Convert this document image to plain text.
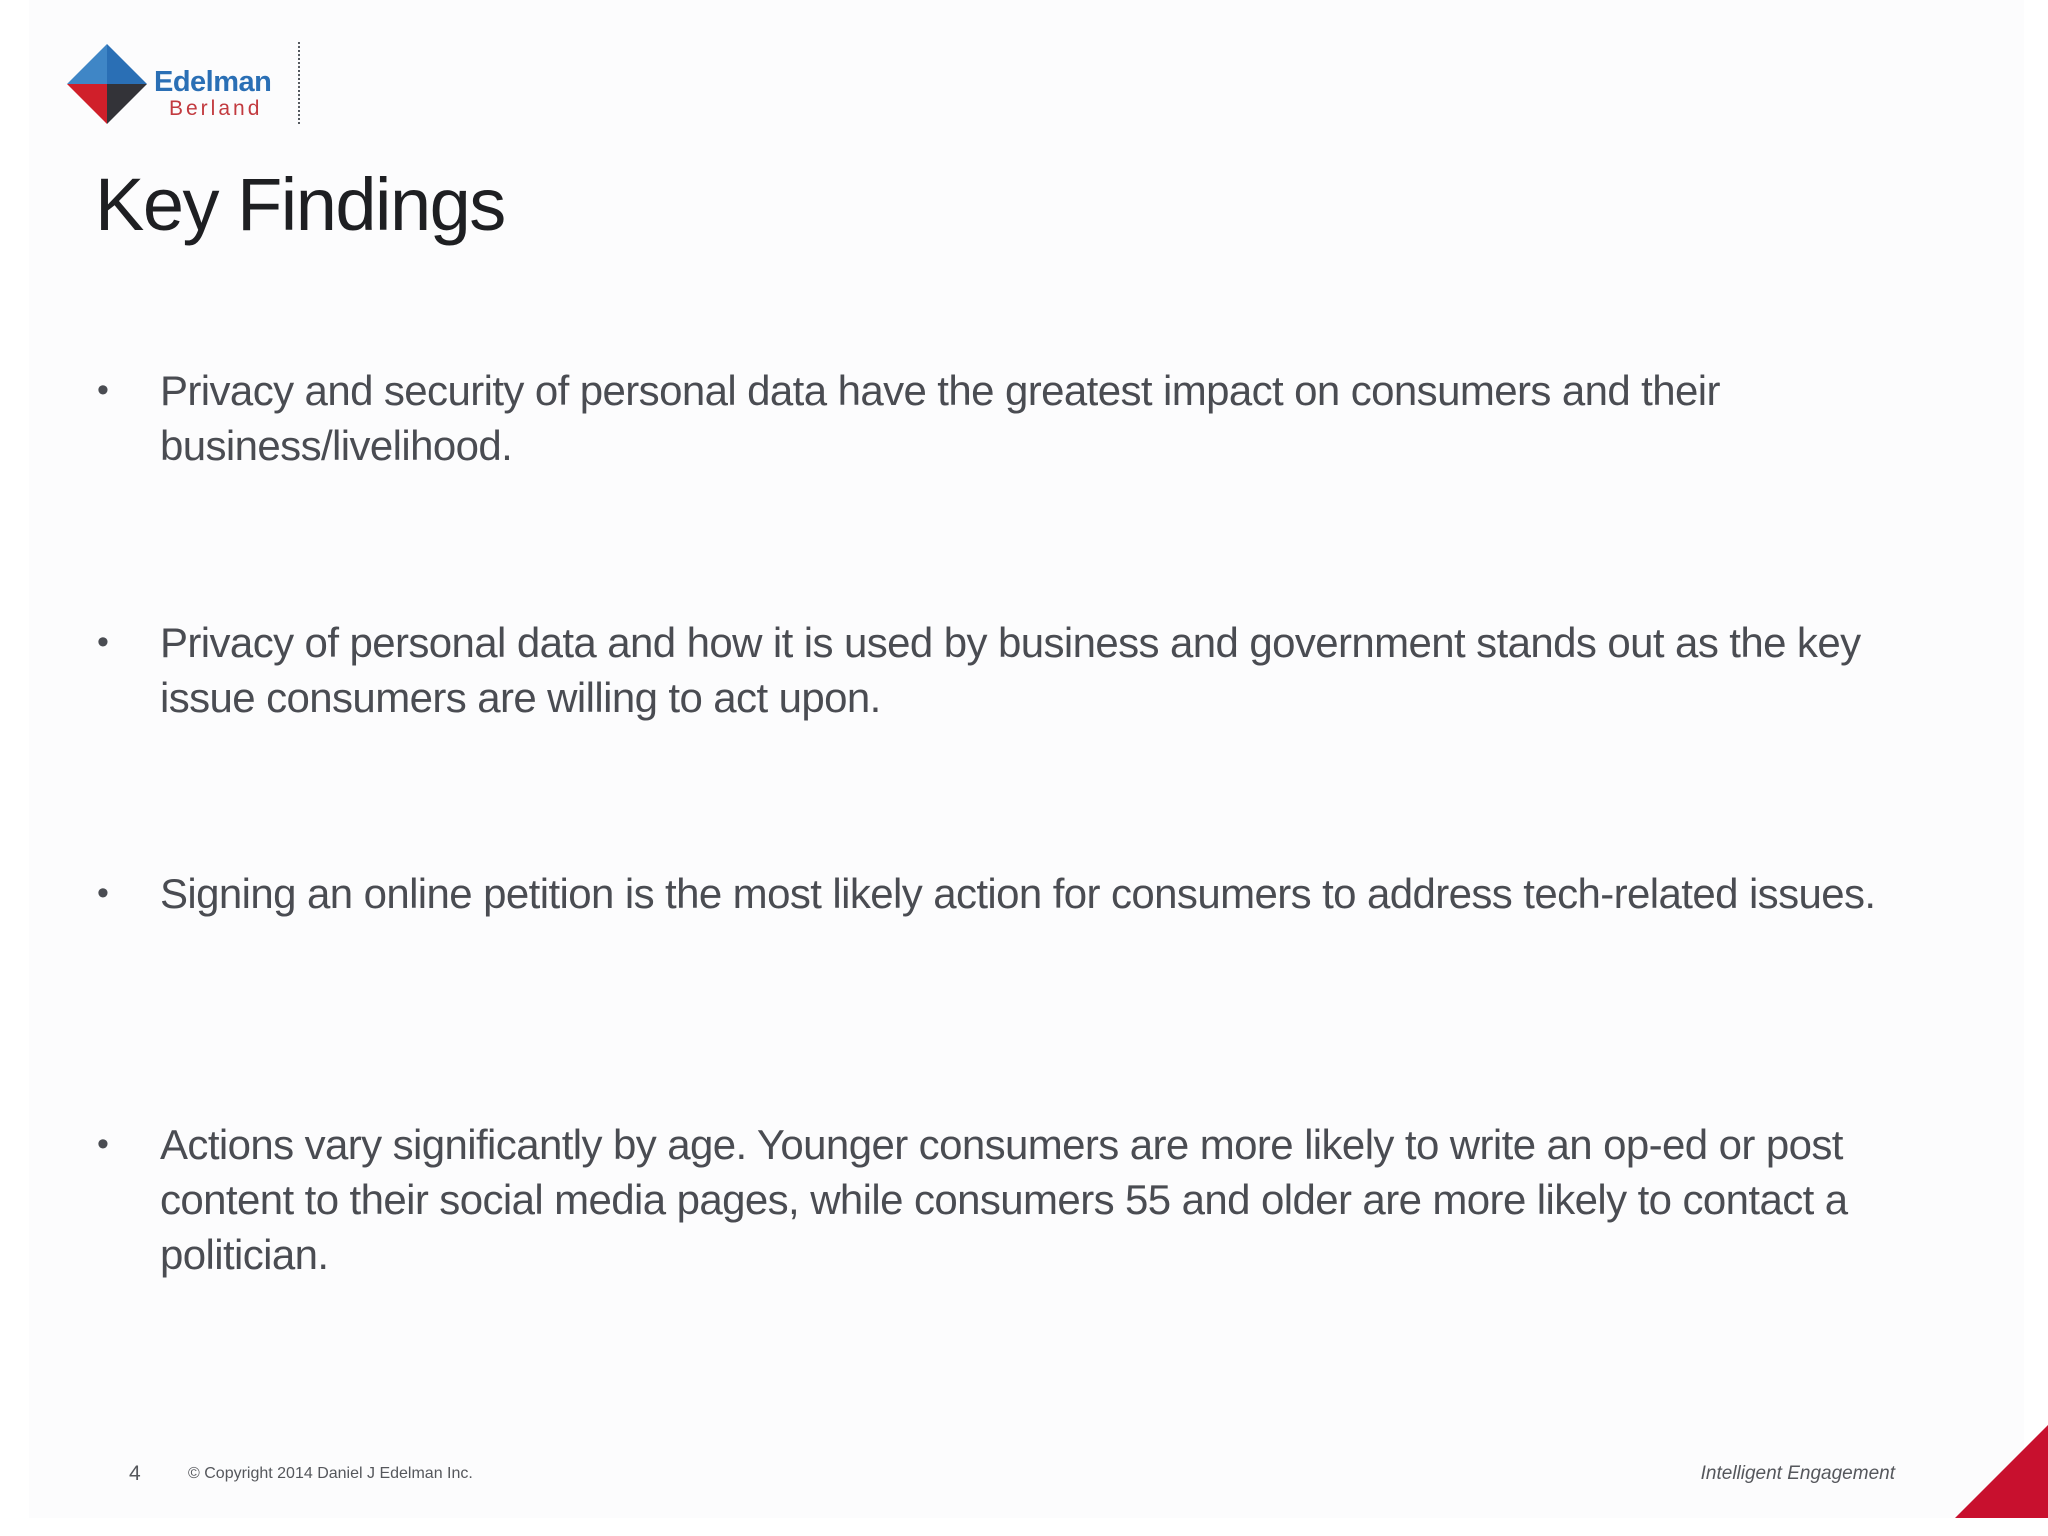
Edelman
Berland
Key Findings
• Privacy and security of personal data have the greatest impact on consumers and their business/livelihood.
• Privacy of personal data and how it is used by business and government stands out as the key issue consumers are willing to act upon.
• Signing an online petition is the most likely action for consumers to address tech-related issues.
• Actions vary significantly by age. Younger consumers are more likely to write an op-ed or post content to their social media pages, while consumers 55 and older are more likely to contact a politician.
4	© Copyright 2014 Daniel J Edelman Inc.	Intelligent Engagement
